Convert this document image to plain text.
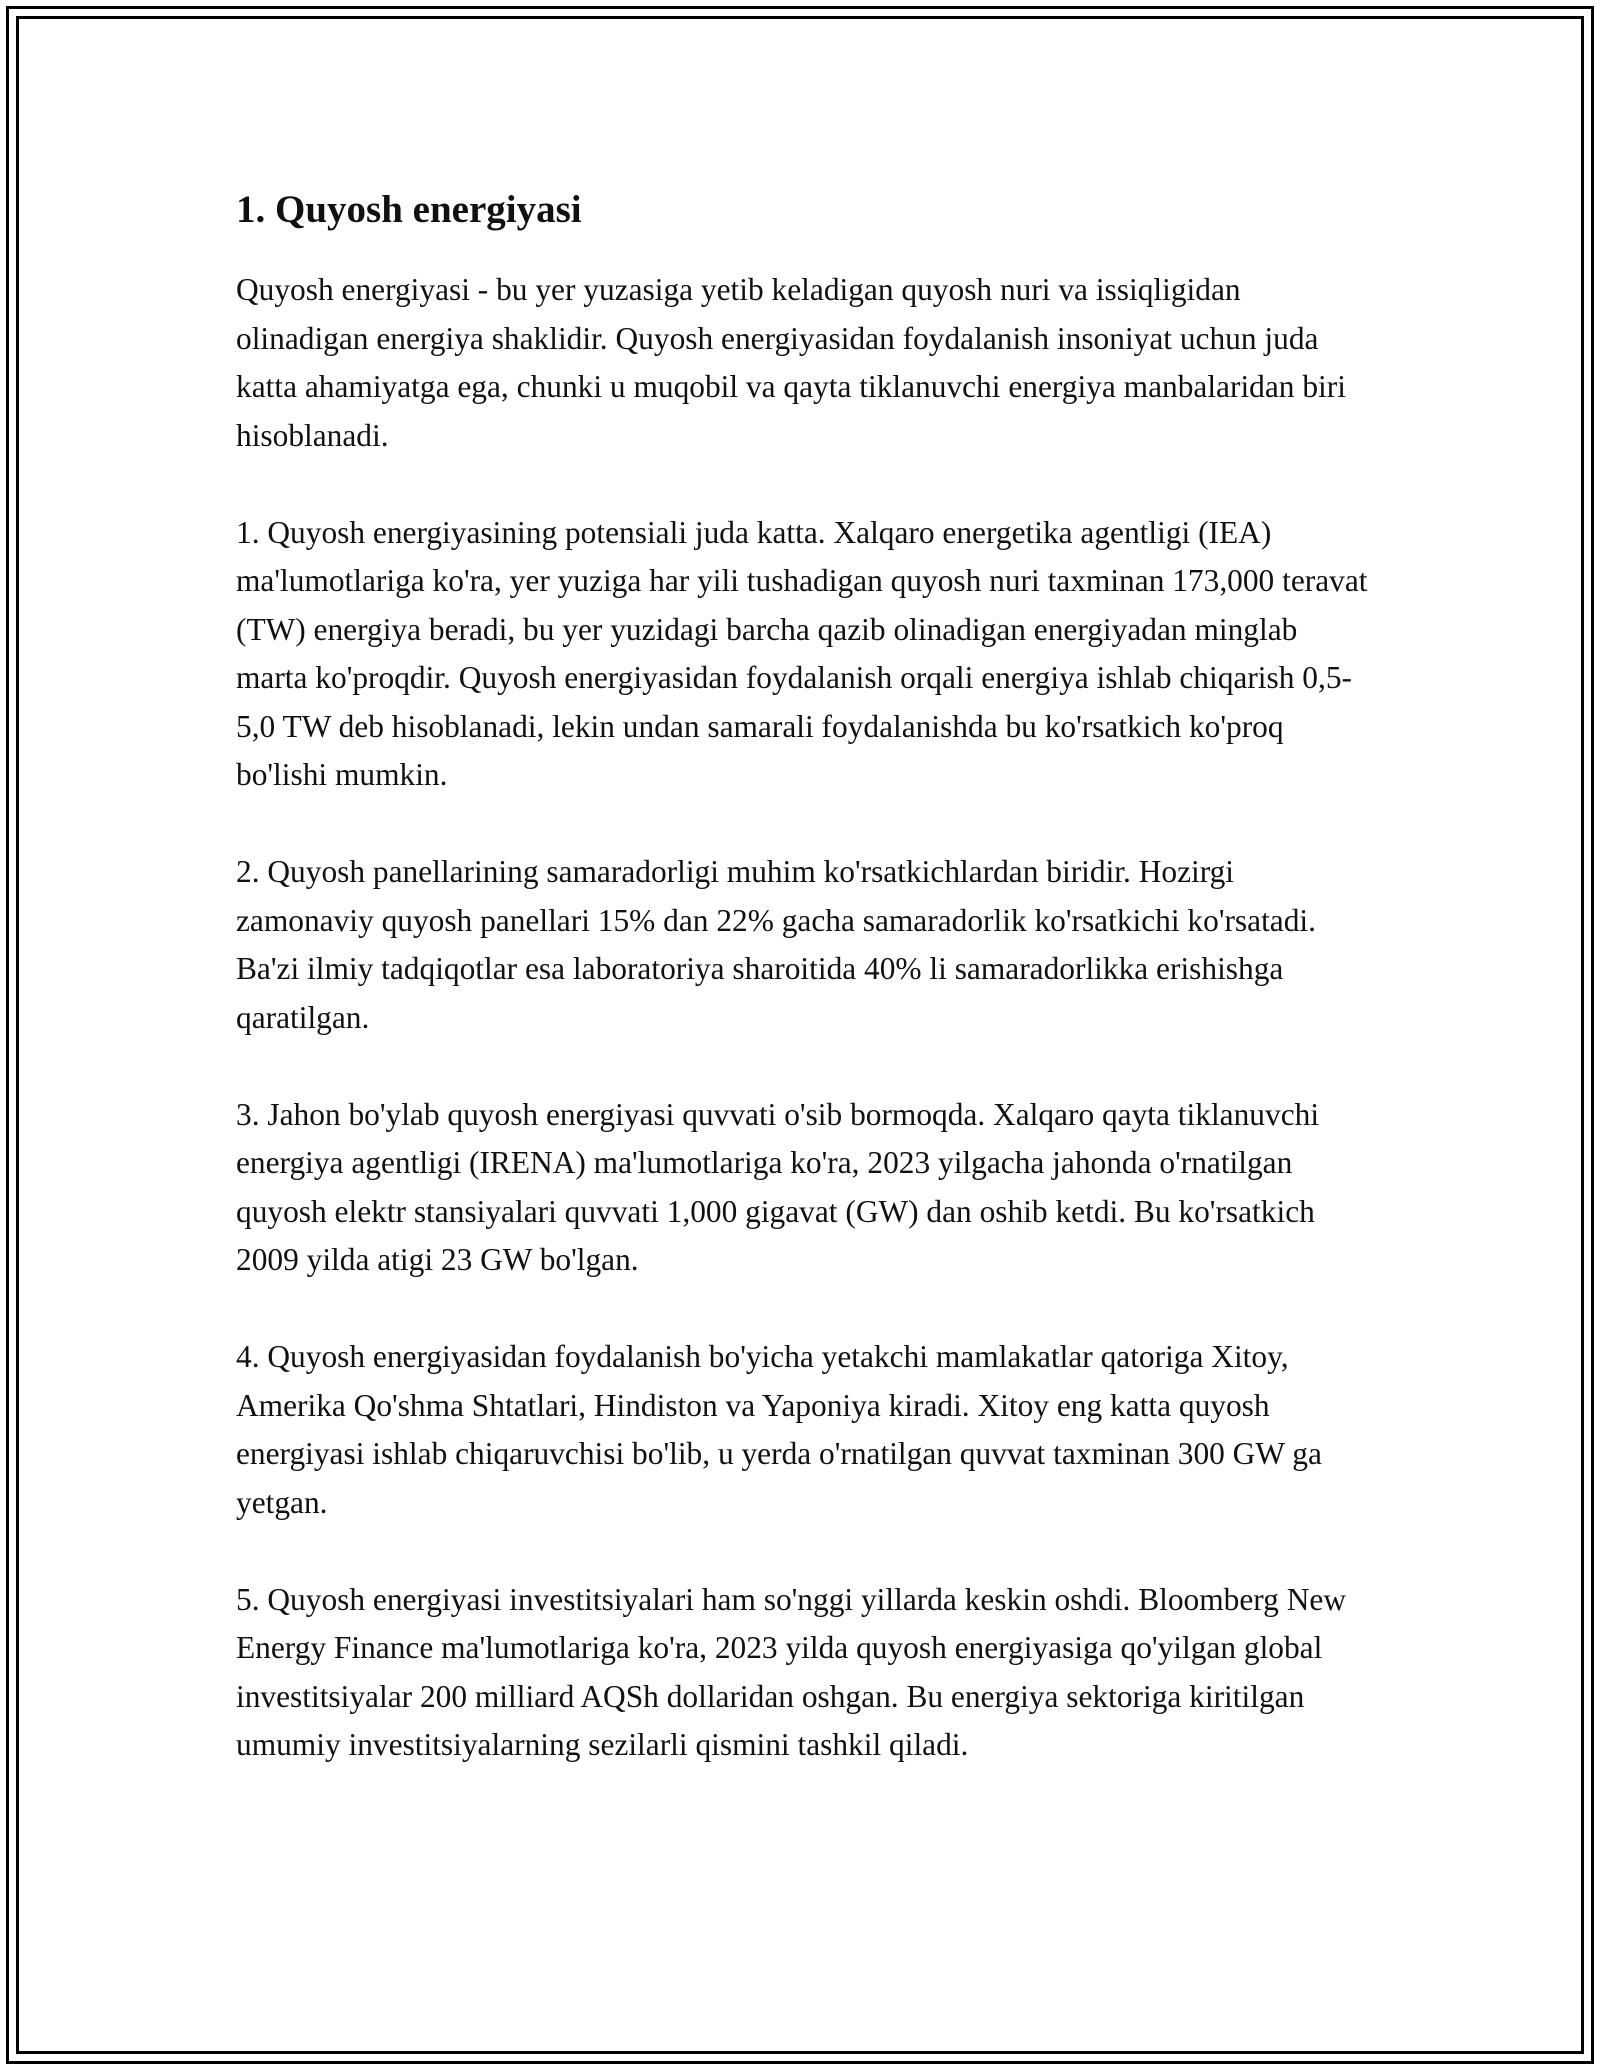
1. Quyosh energiyasi

Quyosh energiyasi - bu yer yuzasiga yetib keladigan quyosh nuri va issiqligidan olinadigan energiya shaklidir. Quyosh energiyasidan foydalanish insoniyat uchun juda katta ahamiyatga ega, chunki u muqobil va qayta tiklanuvchi energiya manbalaridan biri hisoblanadi.

1. Quyosh energiyasining potensiali juda katta. Xalqaro energetika agentligi (IEA) ma'lumotlariga ko'ra, yer yuziga har yili tushadigan quyosh nuri taxminan 173,000 teravat (TW) energiya beradi, bu yer yuzidagi barcha qazib olinadigan energiyadan minglab marta ko'proqdir. Quyosh energiyasidan foydalanish orqali energiya ishlab chiqarish 0,5-5,0 TW deb hisoblanadi, lekin undan samarali foydalanishda bu ko'rsatkich ko'proq bo'lishi mumkin.

2. Quyosh panellarining samaradorligi muhim ko'rsatkichlardan biridir. Hozirgi zamonaviy quyosh panellari 15% dan 22% gacha samaradorlik ko'rsatkichi ko'rsatadi. Ba'zi ilmiy tadqiqotlar esa laboratoriya sharoitida 40% li samaradorlikka erishishga qaratilgan.

3. Jahon bo'ylab quyosh energiyasi quvvati o'sib bormoqda. Xalqaro qayta tiklanuvchi energiya agentligi (IRENA) ma'lumotlariga ko'ra, 2023 yilgacha jahonda o'rnatilgan quyosh elektr stansiyalari quvvati 1,000 gigavat (GW) dan oshib ketdi. Bu ko'rsatkich 2009 yilda atigi 23 GW bo'lgan.

4. Quyosh energiyasidan foydalanish bo'yicha yetakchi mamlakatlar qatoriga Xitoy, Amerika Qo'shma Shtatlari, Hindiston va Yaponiya kiradi. Xitoy eng katta quyosh energiyasi ishlab chiqaruvchisi bo'lib, u yerda o'rnatilgan quvvat taxminan 300 GW ga yetgan.

5. Quyosh energiyasi investitsiyalari ham so'nggi yillarda keskin oshdi. Bloomberg New Energy Finance ma'lumotlariga ko'ra, 2023 yilda quyosh energiyasiga qo'yilgan global investitsiyalar 200 milliard AQSh dollaridan oshgan. Bu energiya sektoriga kiritilgan umumiy investitsiyalarning sezilarli qismini tashkil qiladi.
